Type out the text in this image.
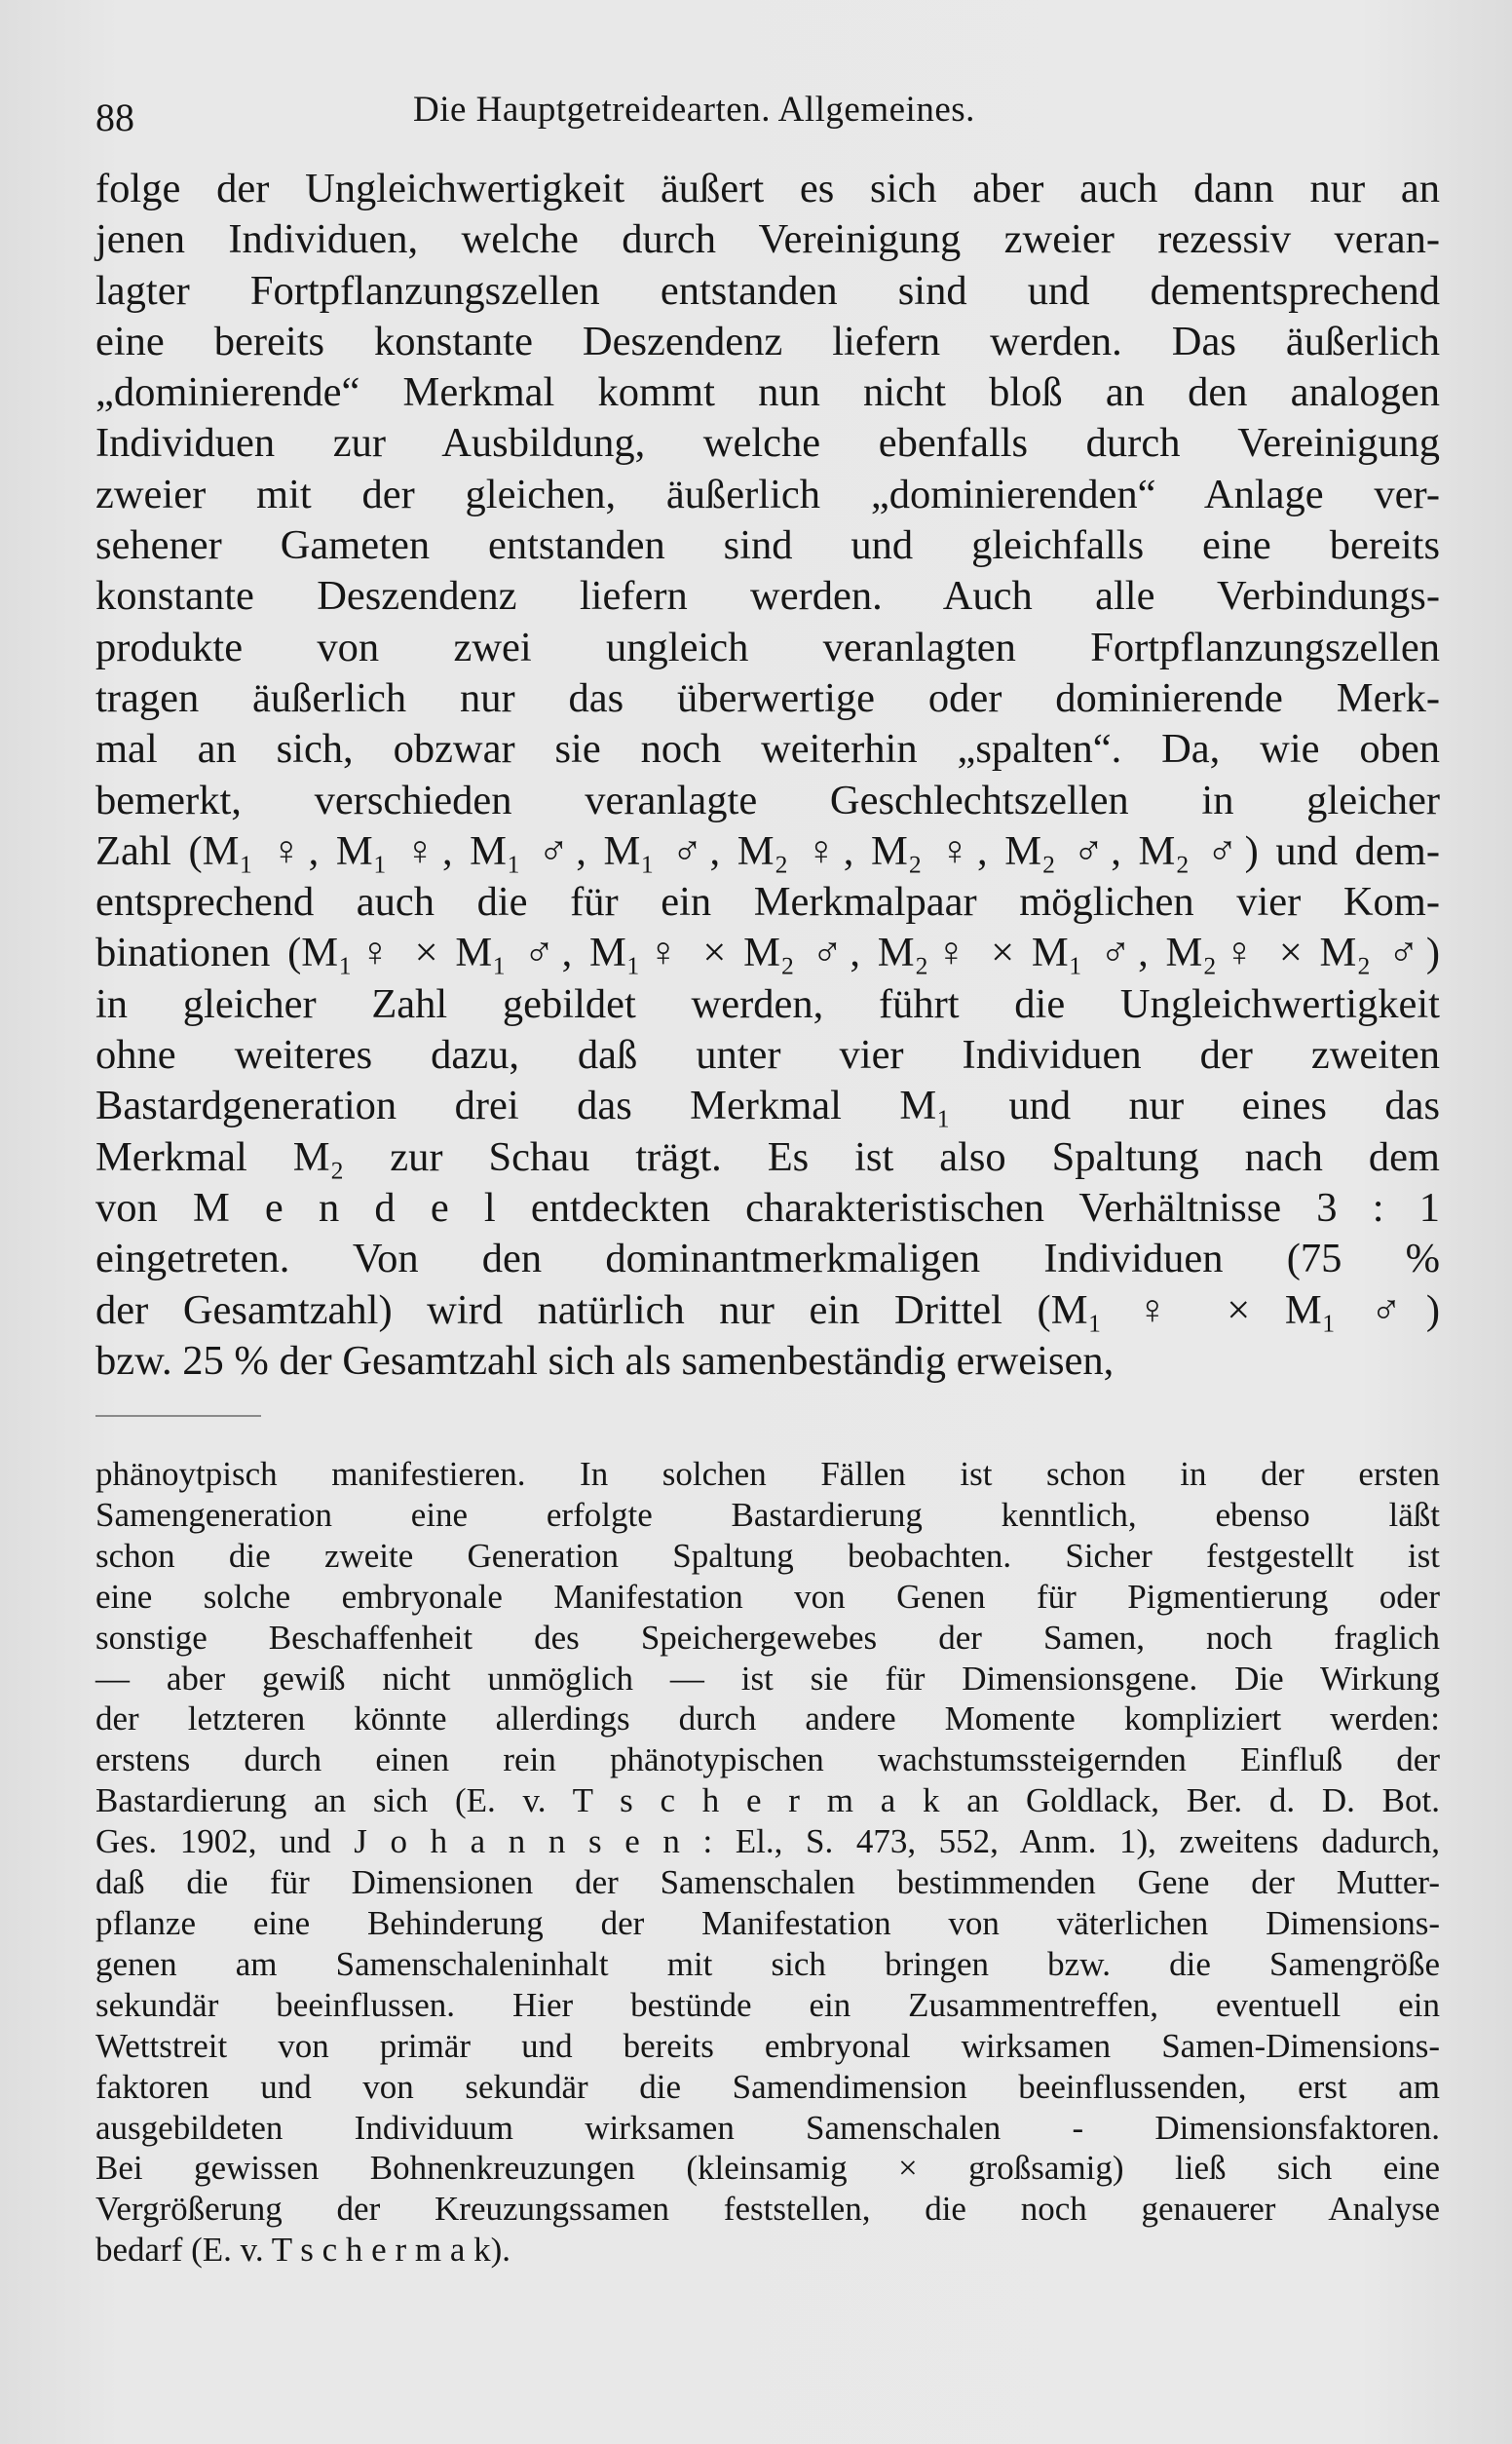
88	Die Hauptgetreidearten. Allgemeines.
folge der Ungleichwertigkeit äußert es sich aber auch dann nur an
jenen Individuen, welche durch Vereinigung zweier rezessiv veran-
lagter Fortpflanzungszellen entstanden sind und dementsprechend
eine bereits konstante Deszendenz liefern werden. Das äußerlich
„dominierende“ Merkmal kommt nun nicht bloß an den analogen
Individuen zur Ausbildung, welche ebenfalls durch Vereinigung
zweier mit der gleichen, äußerlich „dominierenden“ Anlage ver-
sehener Gameten entstanden sind und gleichfalls eine bereits
konstante Deszendenz liefern werden. Auch alle Verbindungs-
produkte von zwei ungleich veranlagten Fortpflanzungszellen
tragen äußerlich nur das überwertige oder dominierende Merk-
mal an sich, obzwar sie noch weiterhin „spalten“. Da, wie oben
bemerkt, verschieden veranlagte Geschlechtszellen in gleicher
Zahl (M₁ ♀, M₁ ♀, M₁ ♂, M₁ ♂, M₂ ♀, M₂ ♀, M₂ ♂, M₂ ♂) und dem-
entsprechend auch die für ein Merkmalpaar möglichen vier Kom-
binationen (M₁♀ × M₁ ♂, M₁♀ × M₂ ♂, M₂♀ × M₁ ♂, M₂♀ × M₂ ♂)
in gleicher Zahl gebildet werden, führt die Ungleichwertigkeit
ohne weiteres dazu, daß unter vier Individuen der zweiten
Bastardgeneration drei das Merkmal M₁ und nur eines das
Merkmal M₂ zur Schau trägt. Es ist also Spaltung nach dem
von M e n d e l entdeckten charakteristischen Verhältnisse 3 : 1
eingetreten. Von den dominantmerkmaligen Individuen (75 %
der Gesamtzahl) wird natürlich nur ein Drittel (M₁ ♀ × M₁ ♂)
bzw. 25 % der Gesamtzahl sich als samenbeständig erweisen,
phänoytpisch manifestieren. In solchen Fällen ist schon in der ersten
Samengeneration eine erfolgte Bastardierung kenntlich, ebenso läßt
schon die zweite Generation Spaltung beobachten. Sicher festgestellt ist
eine solche embryonale Manifestation von Genen für Pigmentierung oder
sonstige Beschaffenheit des Speichergewebes der Samen, noch fraglich
— aber gewiß nicht unmöglich — ist sie für Dimensionsgene. Die Wirkung
der letzteren könnte allerdings durch andere Momente kompliziert werden:
erstens durch einen rein phänotypischen wachstumssteigernden Einfluß der
Bastardierung an sich (E. v. T s c h e r m a k an Goldlack, Ber. d. D. Bot.
Ges. 1902, und J o h a n n s e n : El., S. 473, 552, Anm. 1), zweitens dadurch,
daß die für Dimensionen der Samenschalen bestimmenden Gene der Mutter-
pflanze eine Behinderung der Manifestation von väterlichen Dimensions-
genen am Samenschaleninhalt mit sich bringen bzw. die Samengröße
sekundär beeinflussen. Hier bestünde ein Zusammentreffen, eventuell ein
Wettstreit von primär und bereits embryonal wirksamen Samen-Dimensions-
faktoren und von sekundär die Samendimension beeinflussenden, erst am
ausgebildeten Individuum wirksamen Samenschalen - Dimensionsfaktoren.
Bei gewissen Bohnenkreuzungen (kleinsamig × großsamig) ließ sich eine
Vergrößerung der Kreuzungssamen feststellen, die noch genauerer Analyse
bedarf (E. v. T s c h e r m a k).
